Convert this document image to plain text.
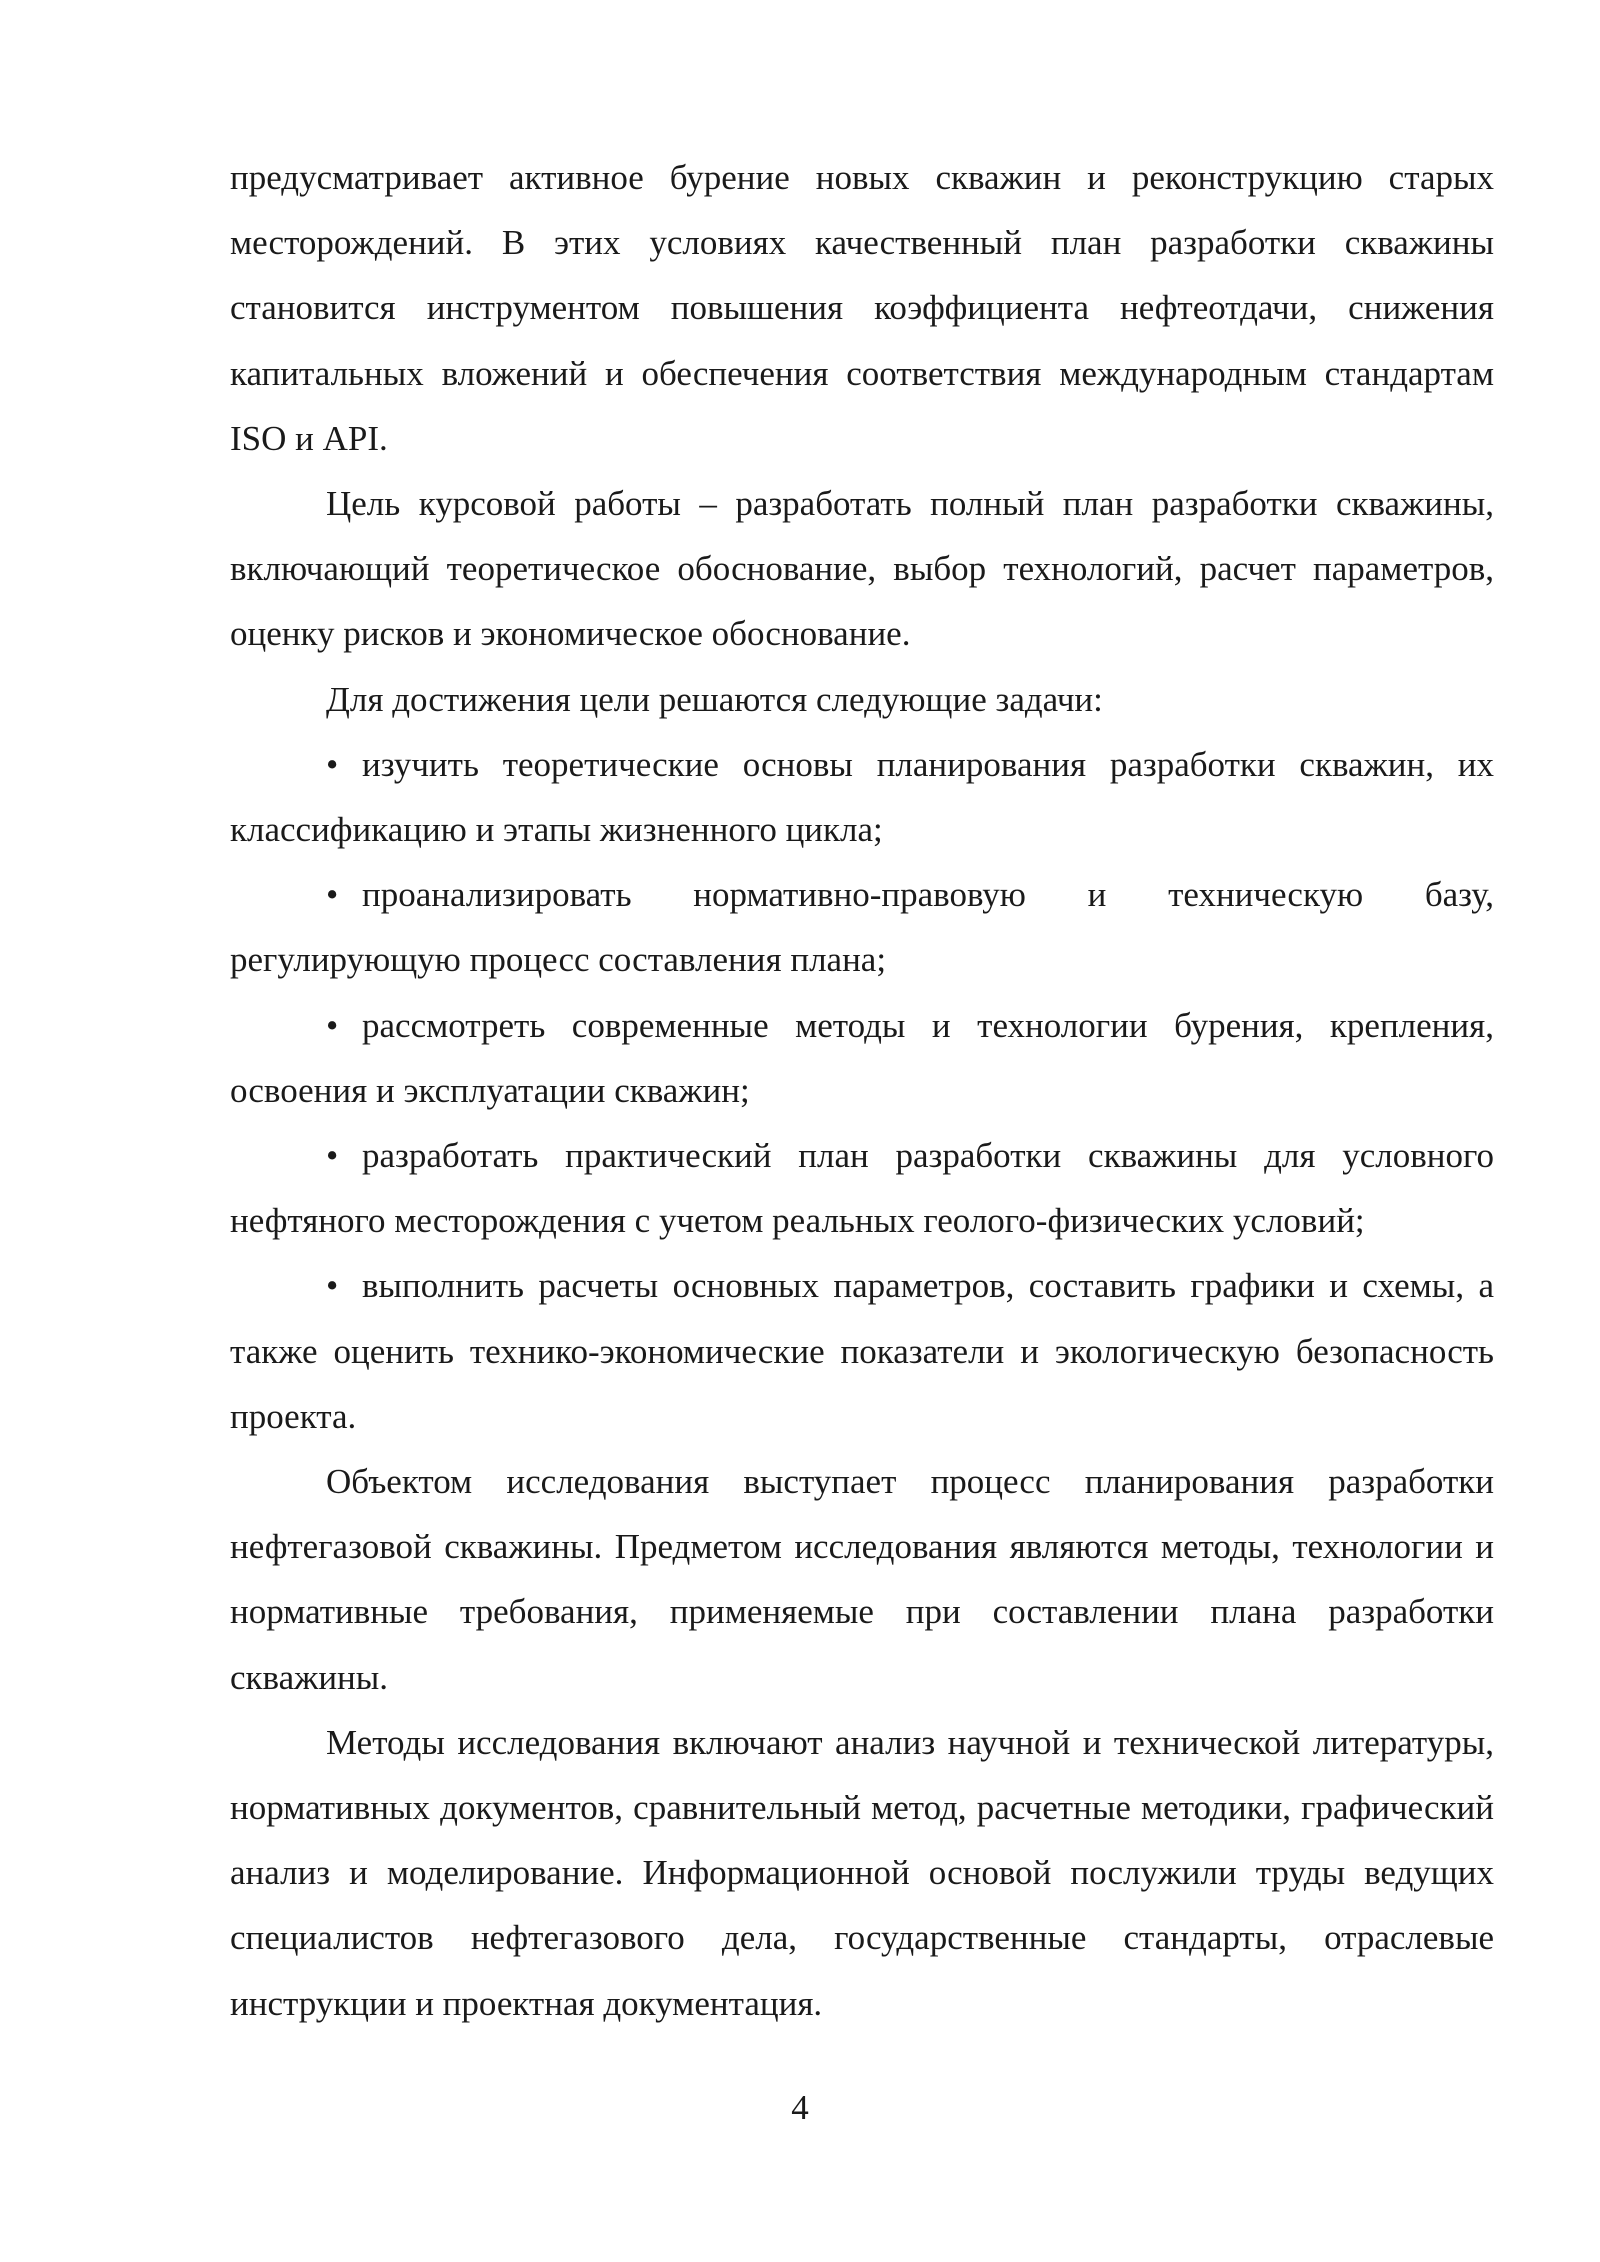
предусматривает активное бурение новых скважин и реконструкцию старых месторождений. В этих условиях качественный план разработки скважины становится инструментом повышения коэффициента нефтеотдачи, снижения капитальных вложений и обеспечения соответствия международным стандартам ISO и API.

Цель курсовой работы – разработать полный план разработки скважины, включающий теоретическое обоснование, выбор технологий, расчет параметров, оценку рисков и экономическое обоснование.

Для достижения цели решаются следующие задачи:

• изучить теоретические основы планирования разработки скважин, их классификацию и этапы жизненного цикла;

• проанализировать нормативно-правовую и техническую базу, регулирующую процесс составления плана;

• рассмотреть современные методы и технологии бурения, крепления, освоения и эксплуатации скважин;

• разработать практический план разработки скважины для условного нефтяного месторождения с учетом реальных геолого-физических условий;

• выполнить расчеты основных параметров, составить графики и схемы, а также оценить технико-экономические показатели и экологическую безопасность проекта.

Объектом исследования выступает процесс планирования разработки нефтегазовой скважины. Предметом исследования являются методы, технологии и нормативные требования, применяемые при составлении плана разработки скважины.

Методы исследования включают анализ научной и технической литературы, нормативных документов, сравнительный метод, расчетные методики, графический анализ и моделирование. Информационной основой послужили труды ведущих специалистов нефтегазового дела, государственные стандарты, отраслевые инструкции и проектная документация.

4
